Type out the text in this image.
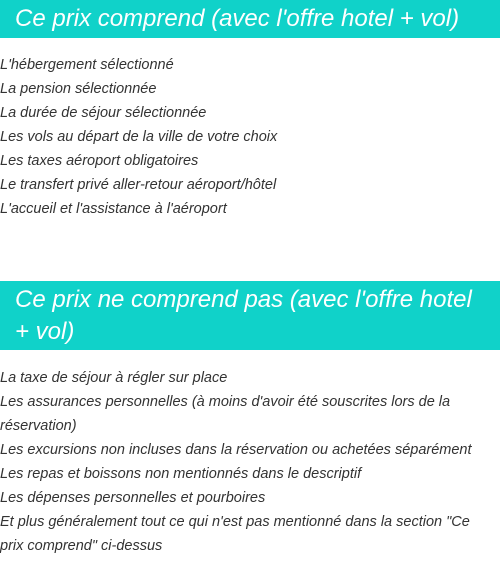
Ce prix comprend (avec l'offre hotel + vol)
L'hébergement sélectionné
La pension sélectionnée
La durée de séjour sélectionnée
Les vols au départ de la ville de votre choix
Les taxes aéroport obligatoires
Le transfert privé aller-retour aéroport/hôtel
L'accueil et l'assistance à l'aéroport
Ce prix ne comprend pas (avec l'offre hotel + vol)
La taxe de séjour à régler sur place
Les assurances personnelles (à moins d'avoir été souscrites lors de la réservation)
Les excursions non incluses dans la réservation ou achetées séparément
Les repas et boissons non mentionnés dans le descriptif
Les dépenses personnelles et pourboires
Et plus généralement tout ce qui n'est pas mentionné dans la section "Ce prix comprend" ci-dessus
